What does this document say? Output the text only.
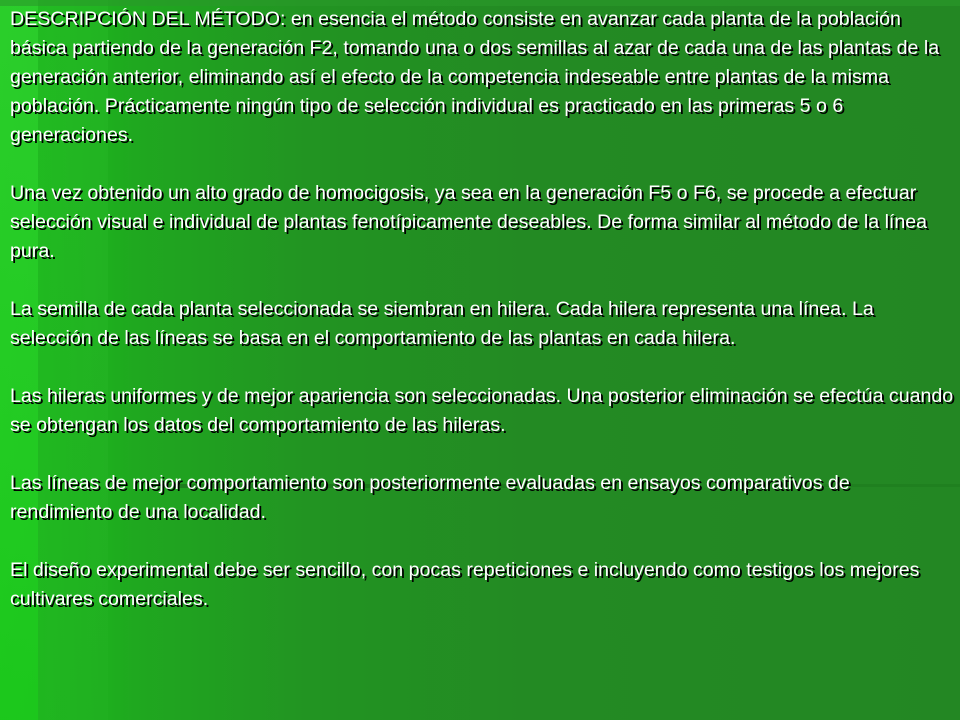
DESCRIPCIÓN DEL MÉTODO: en esencia el método consiste en avanzar cada planta de la población básica partiendo de la generación F2, tomando una o dos semillas al azar de cada una de las plantas de la generación anterior, eliminando así el efecto de la competencia indeseable entre plantas de la misma población. Prácticamente ningún tipo de selección individual es practicado en las primeras 5 o 6 generaciones.

Una vez obtenido un alto grado de homocigosis, ya sea en la generación F5 o F6, se procede a efectuar selección visual e individual de plantas fenotípicamente deseables. De forma similar al método de la línea pura.

La semilla de cada planta seleccionada se siembran en hilera. Cada hilera representa una línea. La selección de las líneas se basa en el comportamiento de las plantas en cada hilera.

Las hileras uniformes y de mejor apariencia son seleccionadas. Una posterior eliminación se efectúa cuando se obtengan los datos del comportamiento de las hileras.

Las líneas de mejor comportamiento son posteriormente evaluadas en ensayos comparativos de rendimiento de una localidad.

El diseño experimental debe ser sencillo, con pocas repeticiones e incluyendo como testigos los mejores cultivares comerciales.
